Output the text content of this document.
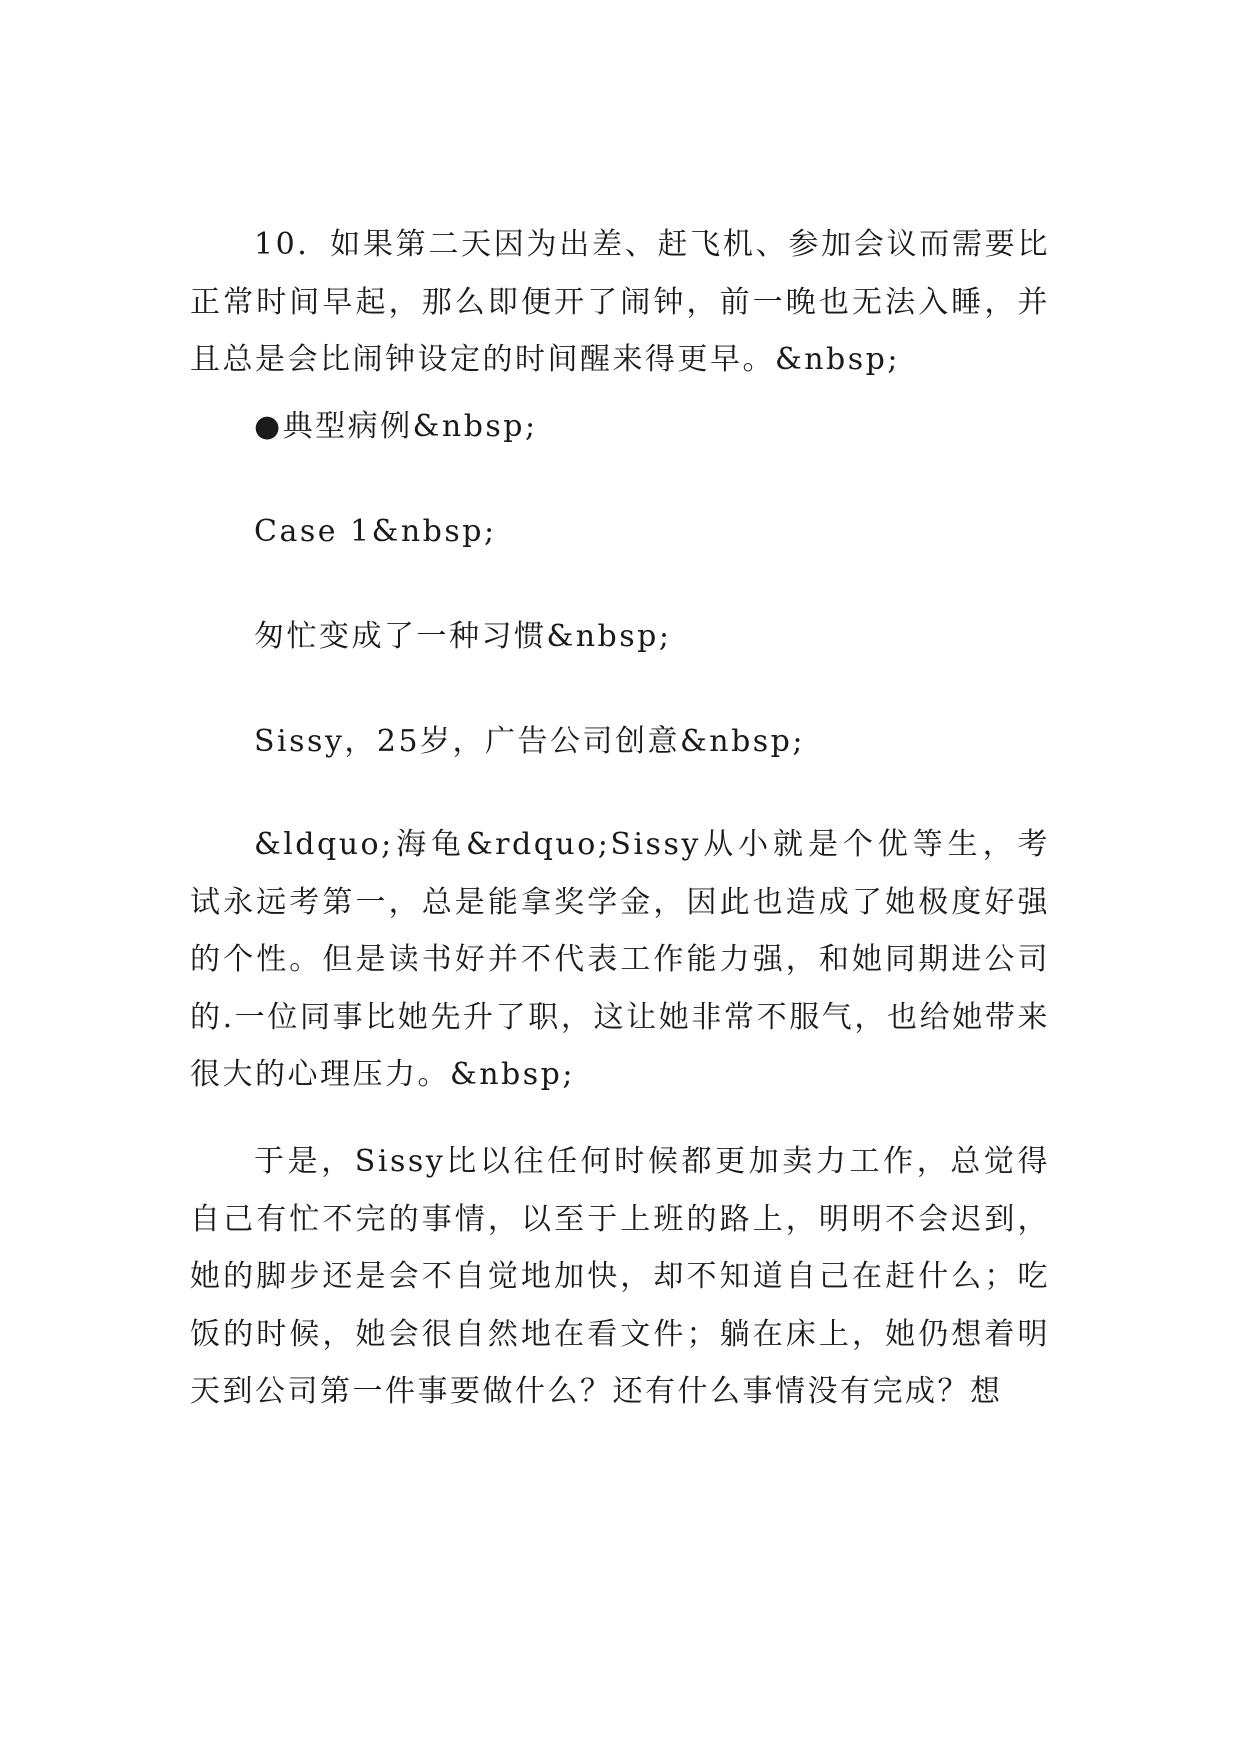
10．如果第二天因为出差、赶飞机、参加会议而需要比正常时间早起，那么即便开了闹钟，前一晚也无法入睡，并且总是会比闹钟设定的时间醒来得更早。&nbsp;

●典型病例&nbsp;

Case 1&nbsp;

匆忙变成了一种习惯&nbsp;

Sissy，25岁，广告公司创意&nbsp;

&ldquo;海龟&rdquo;Sissy从小就是个优等生，考试永远考第一，总是能拿奖学金，因此也造成了她极度好强的个性。但是读书好并不代表工作能力强，和她同期进公司的.一位同事比她先升了职，这让她非常不服气，也给她带来很大的心理压力。&nbsp;

于是，Sissy比以往任何时候都更加卖力工作，总觉得自己有忙不完的事情，以至于上班的路上，明明不会迟到，她的脚步还是会不自觉地加快，却不知道自己在赶什么；吃饭的时候，她会很自然地在看文件；躺在床上，她仍想着明天到公司第一件事要做什么？还有什么事情没有完成？想
